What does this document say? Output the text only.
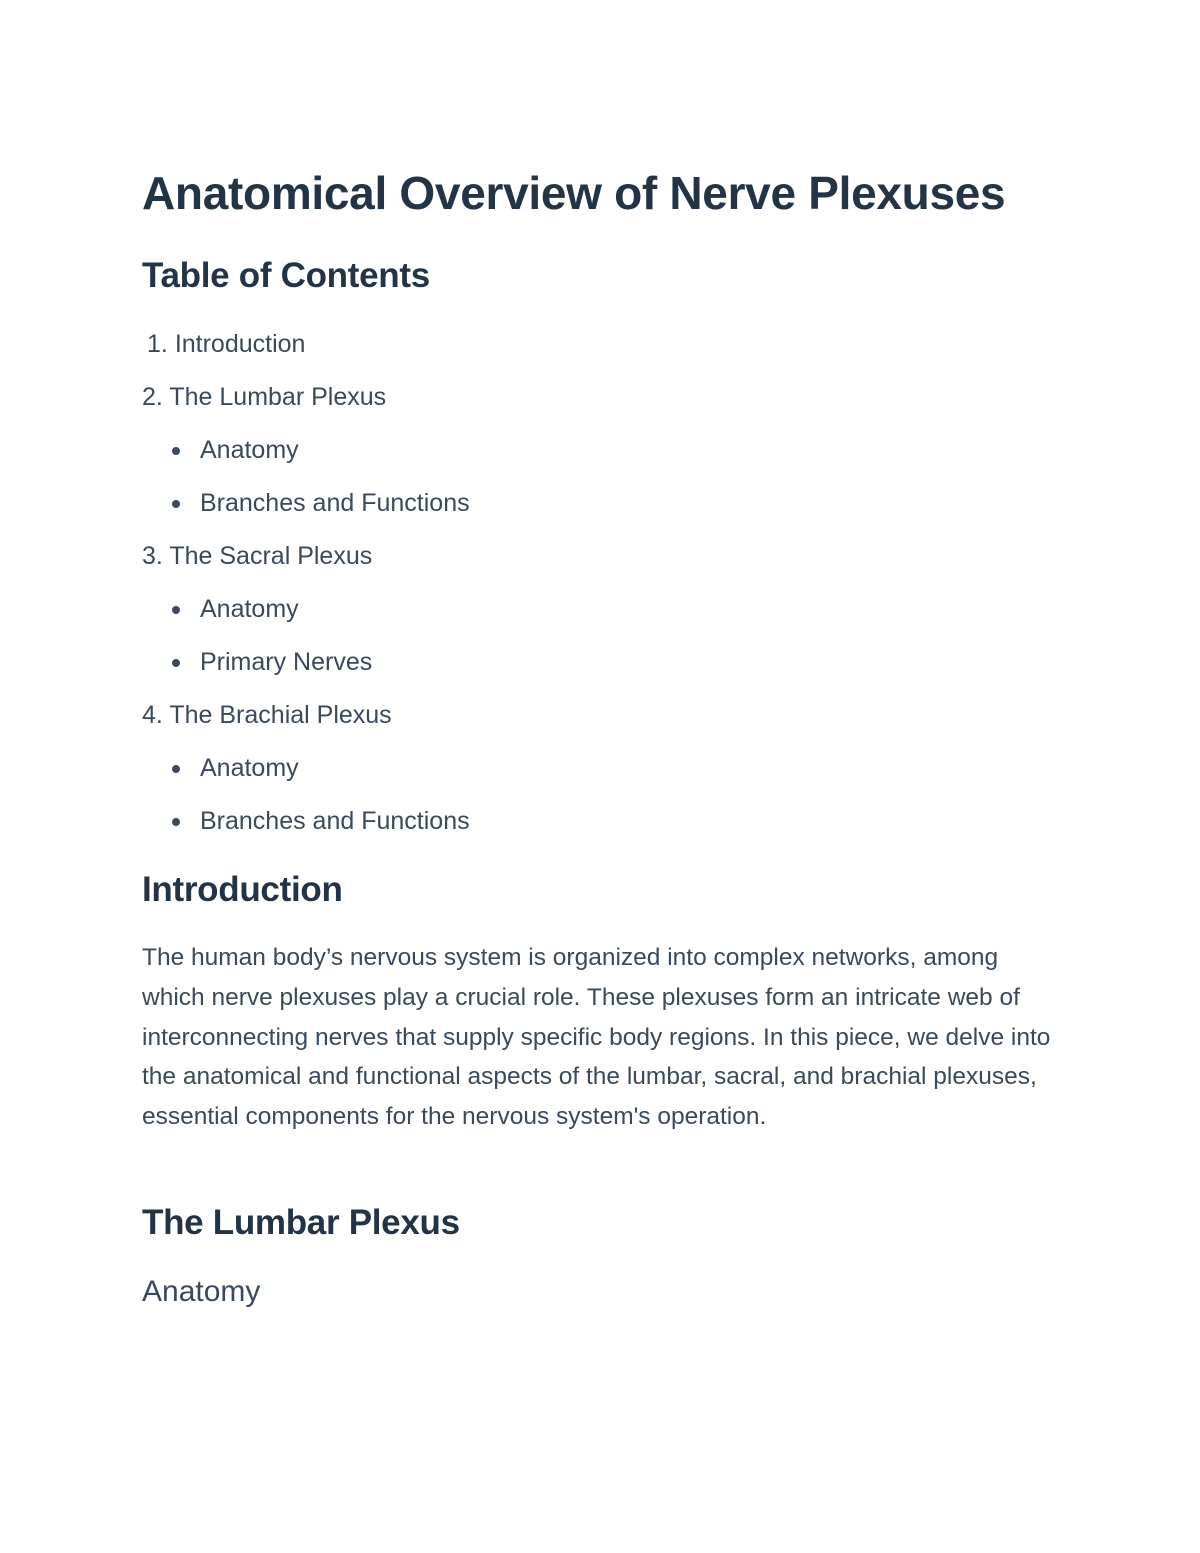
Anatomical Overview of Nerve Plexuses
Table of Contents
1. Introduction
2. The Lumbar Plexus
Anatomy
Branches and Functions
3. The Sacral Plexus
Anatomy
Primary Nerves
4. The Brachial Plexus
Anatomy
Branches and Functions
Introduction

The human body’s nervous system is organized into complex networks, among which nerve plexuses play a crucial role. These plexuses form an intricate web of interconnecting nerves that supply specific body regions. In this piece, we delve into the anatomical and functional aspects of the lumbar, sacral, and brachial plexuses, essential components for the nervous system's operation.

The Lumbar Plexus
Anatomy
